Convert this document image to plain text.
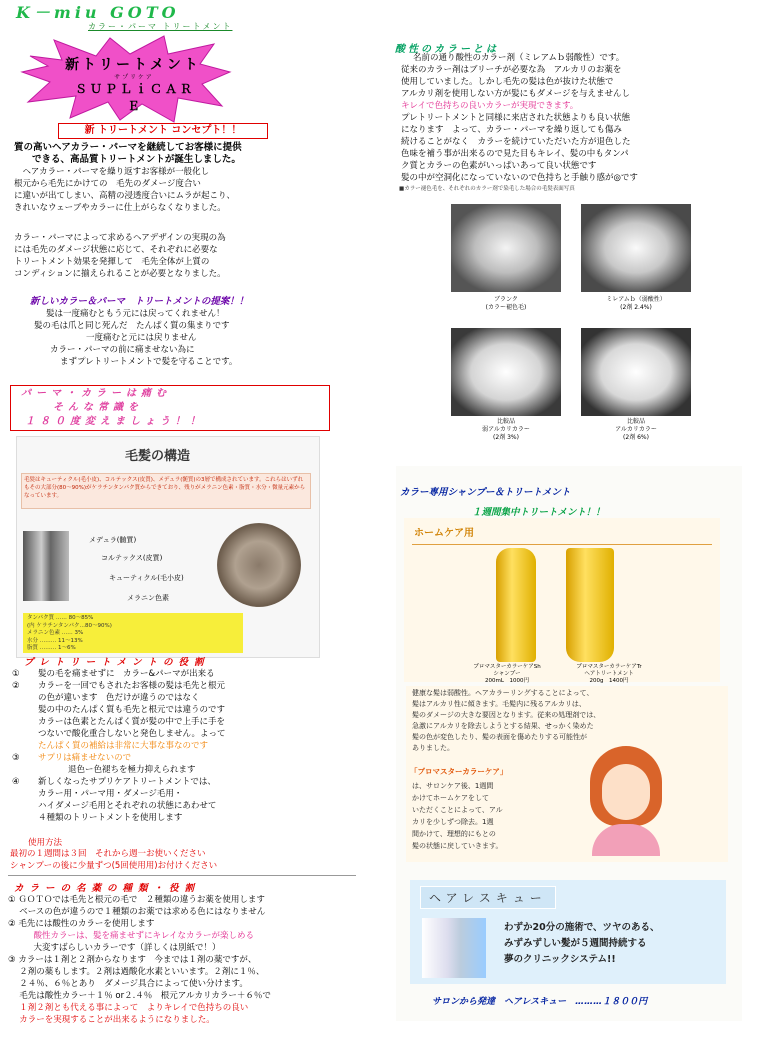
K－miu GOTO
カラー・パーマ トリートメント
新トリートメント
サ プ リ ケ ア
ＳＵＰＬｉＣＡＲＥ
新 トリートメント コンセプト！！
質の高いヘアカラー・パーマを継続してお客様に提供
できる、高品質トリートメントが誕生しました。
　ヘアカラー・パーマを繰り返すお客様が一般化し
根元から毛先にかけての　毛先のダメージ度合い
に違いが出てしまい、高精の浸透度合いにムラが起こり、
きれいなウェーブやカラーに仕上がらなくなりました。
カラー・パーマによって求めるヘアデザインの実現の為
には毛先のダメージ状態に応じて、それぞれに必要な
トリートメント効果を発揮して　毛先全体が上質の
コンディションに揃えられることが必要となりました。
新しいカラー＆パーマ　トリートメントの提案！！
髪は一度痛むともう元には戻ってくれません！
髪の毛は爪と同じ死んだ　たんぱく質の集まりです
一度痛むと元には戻りません
カラー・パーマの前に痛ませない為に
まずプレトリートメントで髪を守ることです。
パーマ・カラーは痛む
そんな常識を
１８０度変えましょう！！
毛髪の構造
毛髪はキューティクル(毛小皮)、コルテックス(皮質)、メデュラ(髄質)の3層で構成されています。これらはいずれもその大部分(80〜90%)がケラチンタンパク質からできており、残りがメラニン色素・脂質・水分・微量元素からなっています。
メデュラ(髄質)
コルテックス(皮質)
キューティクル(毛小皮)
メラニン色素
タンパク質 …… 80〜85%
(内 ケラチンタンパク…80〜90%)
メラニン色素 …… 3%
水分 ……… 11〜13%
脂質 ……… 1〜6%
プレトリートメントの役割
①	髪の毛を痛ませずに　カラー&パーマが出来る
②	カラーを一回でもされたお客様の髪は毛先と根元
の色が違います　色だけが違うのではなく
髪の中のたんぱく質も毛先と根元では違うのです
カラーは色素とたんぱく質が髪の中で上手に手を
つないで酸化重合しないと発色しません。よって
たんぱく質の補給は非常に大事な事なのです
③	サプリは痛ませないので
退色ー色褪ちを極力抑えられます
④	新しくなったサプリケアトリートメントでは、
カラー用・パーマ用・ダメージ毛用・
ハイダメージ毛用とそれぞれの状態にあわせて
４種類のトリートメントを使用します
使用方法
最初の１週間は３回　それから週一お使いください
シャンプーの後に少量ずつ(5回使用用)お付けください
カラーの名薬の種類・役割
① ＧＯＴＯでは毛先と根元の毛で　２種類の違うお薬を使用します
　 ベースの色が違うので１種類のお薬では求める色にはなりません
② 毛先には酸性のカラーを使用します
　　　酸性カラーは、髪を痛ませずにキレイなカラーが楽しめる
　　　大変すばらしいカラーです（詳しくは別紙で！）
③ カラーは１剤と２剤からなります　今までは１剤の薬ですが、
　 ２剤の薬もします。２剤は過酸化水素といいます。２剤に１％、
　 ２４％、６％とあり　ダメージ具合によって使い分けます。
　 毛先は酸性カラー＋１％ or２.４％　根元アルカリカラー＋６％で
　 １剤２剤とも代える事によって　よりキレイで色持ちの良い
　 カラーを実現することが出来るようになりました。
酸性のカラーとは
名前の通り酸性のカラー剤（ミレアムｂ弱酸性）です。
従来のカラー剤はブリーチが必要な為　アルカリのお薬を
使用していました。しかし毛先の髪は色が抜けた状態で
アルカリ剤を使用しない方が髪にもダメージを与えませんし
キレイで色持ちの良いカラーが実現できます。
プレトリートメントと同様に来店された状態よりも良い状態
になります　よって、カラー・パーマを繰り返しても傷み
続けることがなく　カラーを続けていただいた方が退色した
色味を補う事が出来るので見た目もキレイ、髪の中もタンパ
ク質とカラーの色素がいっぱいあって良い状態です
髪の中が空洞化になっていないので色持ちと手触り感が◎です
■カラー褪色毛を、それぞれのカラー剤で染毛した場合の毛髪表面写真
ブランク
(カラー褪色毛)
ミレアムｂ（弱酸性）
(2剤 2.4%)
比較品
弱アルカリカラー
(2剤 3%)
比較品
アルカリカラー
(2剤 6%)
カラー専用シャンプー＆トリートメント
１週間集中トリートメント！！
ホームケア用
プロマスターカラーケアSh
シャンプー
200mL　1000円
プロマスターカラーケアTr
ヘアトリートメント
200g　1400円
健康な髪は弱酸性。ヘアカラーリングすることによって、
髪はアルカリ性に傾きます。毛髪内に残るアルカリは、
髪のダメージの大きな要因となります。従来の処理剤では、
急激にアルカリを除去しようとする結果、せっかく染めた
髪の色が変色したり、髪の表面を傷めたりする可能性が
ありました。
「プロマスターカラーケア」
は、サロンケア後、1週間
かけてホームケアをして
いただくことによって、アル
カリを少しずつ除去。1週
間かけて、理想的にもとの
髪の状態に戻していきます。
ヘアレスキュー
わずか20分の施術で、ツヤのある、
みずみずしい髪が５週間持続する
夢のクリニックシステム!!
サロンから発達　ヘアレスキュー　………１８００円
